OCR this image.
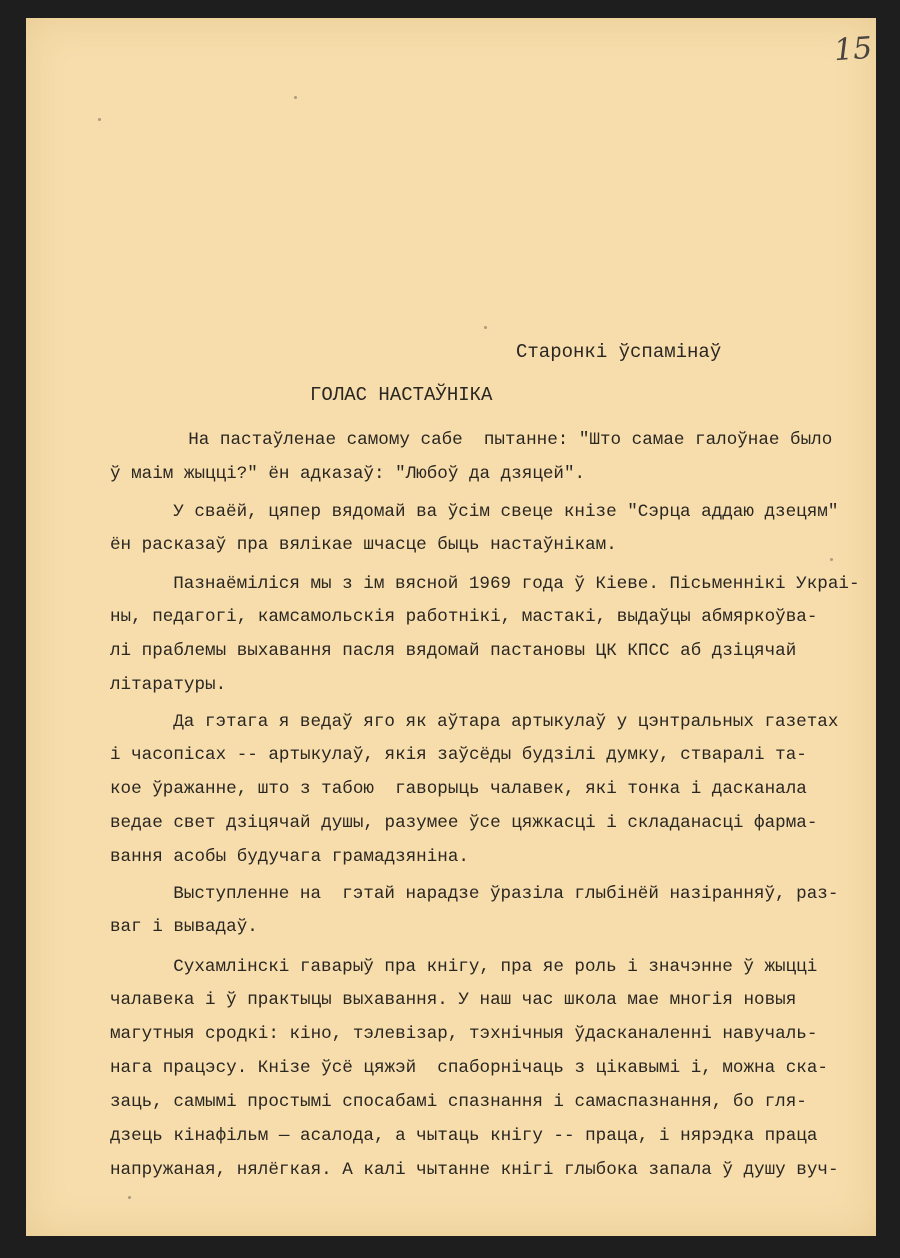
15
Старонкі ўспамінаў
ГОЛАС НАСТАЎНІКА
На пастаўленае самому сабе  пытанне: "Што самае галоўнае было
ў маім жыцці?" ён адказаў: "Любоў да дзяцей".
У сваёй, цяпер вядомай ва ўсім свеце кнізе "Сэрца аддаю дзецям"
ён расказаў пра вялікае шчасце быць настаўнікам.
Пазнаёміліся мы з ім вясной 1969 года ў Кіеве. Пісьменнікі Украі-
ны, педагогі, камсамольскія работнікі, мастакі, выдаўцы абмяркоўва-
лі праблемы выхавання пасля вядомай пастановы ЦК КПСС аб дзіцячай
літаратуры.
Да гэтага я ведаў яго як аўтара артыкулаў у цэнтральных газетах
і часопісах -- артыкулаў, якія заўсёды будзілі думку, стваралі та-
кое ўражанне, што з табою  гаворыць чалавек, які тонка і дасканала
ведае свет дзіцячай душы, разумее ўсе цяжкасці і складанасці фарма-
вання асобы будучага грамадзяніна.
Выступленне на  гэтай нарадзе ўразіла глыбінёй назіранняў, раз-
ваг і вывадаў.
Сухамлінскі гаварыў пра кнігу, пра яе роль і значэнне ў жыцці
чалавека і ў практыцы выхавання. У наш час школа мае многія новыя
магутныя сродкі: кіно, тэлевізар, тэхнічныя ўдасканаленні навучаль-
нага працэсу. Кнізе ўсё цяжэй  спаборнічаць з цікавымі і, можна ска-
заць, самымі простымі спосабамі спазнання і самаспазнання, бо гля-
дзець кінафільм — асалода, а чытаць кнігу -- праца, і нярэдка праца
напружаная, нялёгкая. А калі чытанне кнігі глыбока запала ў душу вуч-
